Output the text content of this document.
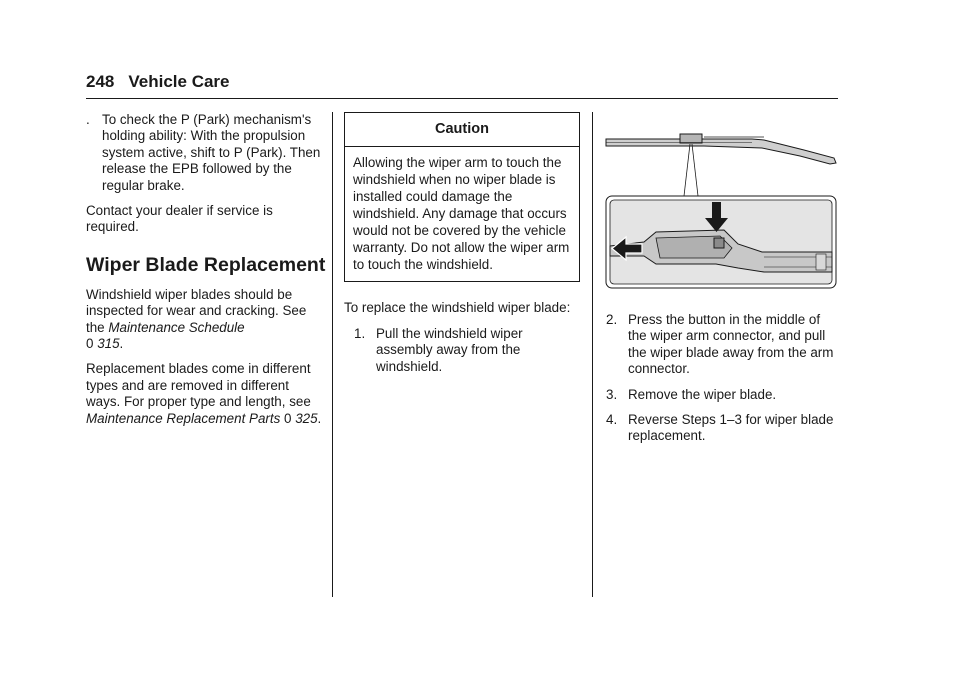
248 Vehicle Care
. To check the P (Park) mechanism's holding ability: With the propulsion system active, shift to P (Park). Then release the EPB followed by the regular brake.
Contact your dealer if service is required.
Wiper Blade Replacement
Windshield wiper blades should be inspected for wear and cracking. See the Maintenance Schedule
0 315.
Replacement blades come in different types and are removed in different ways. For proper type and length, see Maintenance Replacement Parts 0 325.
Caution
Allowing the wiper arm to touch the windshield when no wiper blade is installed could damage the windshield. Any damage that occurs would not be covered by the vehicle warranty. Do not allow the wiper arm to touch the windshield.
To replace the windshield wiper blade:
1. Pull the windshield wiper assembly away from the windshield.
2. Press the button in the middle of the wiper arm connector, and pull the wiper blade away from the arm connector.
3. Remove the wiper blade.
4. Reverse Steps 1–3 for wiper blade replacement.
